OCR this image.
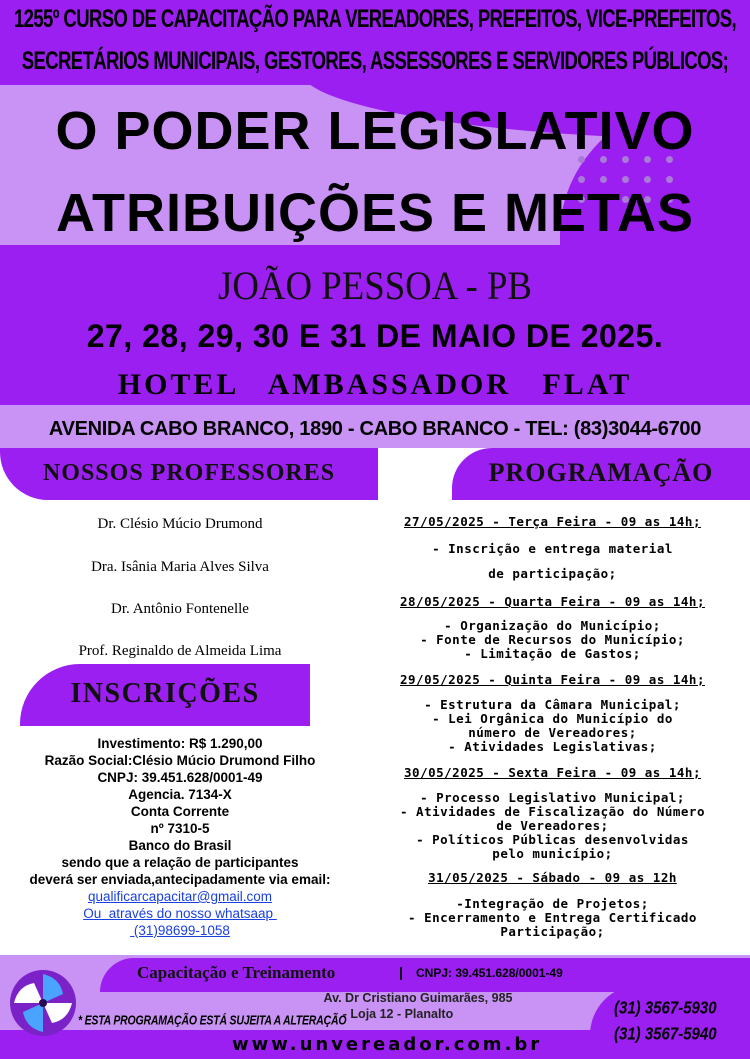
1255º CURSO DE CAPACITAÇÃO PARA VEREADORES, PREFEITOS, VICE-PREFEITOS,
SECRETÁRIOS MUNICIPAIS, GESTORES, ASSESSORES E SERVIDORES PÚBLICOS;
O PODER LEGISLATIVO
ATRIBUIÇÕES E METAS
JOÃO PESSOA - PB
27, 28, 29, 30 E 31 DE MAIO DE 2025.
HOTEL   AMBASSADOR   FLAT
AVENIDA CABO BRANCO, 1890 - CABO BRANCO - TEL: (83)3044-6700
NOSSOS PROFESSORES	PROGRAMAÇÃO
Dr. Clésio Múcio Drumond
Dra. Isânia Maria Alves Silva
Dr. Antônio Fontenelle
Prof. Reginaldo de Almeida Lima
INSCRIÇÕES
Investimento: R$ 1.290,00
Razão Social:Clésio Múcio Drumond Filho
CNPJ: 39.451.628/0001-49
Agencia. 7134-X
Conta Corrente
nº 7310-5
Banco do Brasil
sendo que a relação de participantes
deverá ser enviada,antecipadamente via email:
qualificarcapacitar@gmail.com
Ou  através do nosso whatsaap
(31)98699-1058
27/05/2025 - Terça Feira - 09 as 14h;
- Inscrição e entrega material
de participação;
28/05/2025 - Quarta Feira - 09 as 14h;
- Organização do Município;
- Fonte de Recursos do Município;
- Limitação de Gastos;
29/05/2025 - Quinta Feira - 09 as 14h;
- Estrutura da Câmara Municipal;
- Lei Orgânica do Município do
número de Vereadores;
- Atividades Legislativas;
30/05/2025 - Sexta Feira - 09 as 14h;
- Processo Legislativo Municipal;
- Atividades de Fiscalização do Número
de Vereadores;
- Políticos Públicas desenvolvidas
pelo município;
31/05/2025 - Sábado - 09 as 12h
-Integração de Projetos;
- Encerramento e Entrega Certificado
Participação;
Capacitação e Treinamento	| CNPJ: 39.451.628/0001-49
Av. Dr Cristiano Guimarães, 985
- Loja 12 - Planalto	(31) 3567-5930
(31) 3567-5940
* ESTA PROGRAMAÇÃO ESTÁ SUJEITA A ALTERAÇÃO
www.unvereador.com.br
